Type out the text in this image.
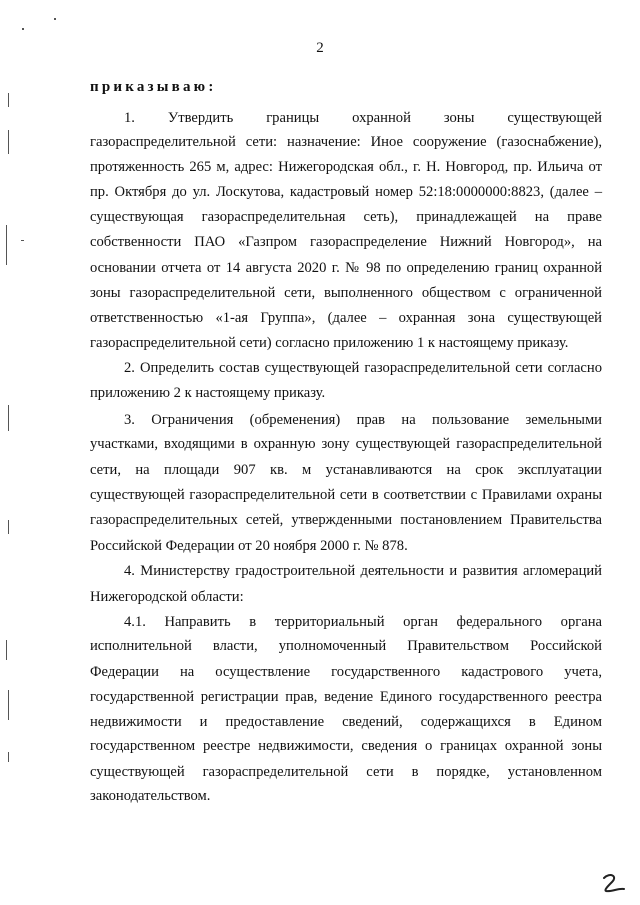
2
приказываю:
1. Утвердить границы охранной зоны существующей
газораспределительной сети: назначение: Иное сооружение (газоснабжение),
протяженность 265 м, адрес: Нижегородская обл., г. Н. Новгород, пр. Ильича от
пр. Октября до ул. Лоскутова, кадастровый номер 52:18:0000000:8823, (далее –
существующая газораспределительная сеть), принадлежащей на праве
собственности ПАО «Газпром газораспределение Нижний Новгород», на
основании отчета от 14 августа 2020 г. № 98 по определению границ охранной
зоны газораспределительной сети, выполненного обществом с ограниченной
ответственностью «1-ая Группа», (далее – охранная зона существующей
газораспределительной сети) согласно приложению 1 к настоящему приказу.
2. Определить состав существующей газораспределительной сети согласно
приложению 2 к настоящему приказу.
3. Ограничения (обременения) прав на пользование земельными
участками, входящими в охранную зону существующей газораспределительной
сети, на площади 907 кв. м устанавливаются на срок эксплуатации
существующей газораспределительной сети в соответствии с Правилами охраны
газораспределительных сетей, утвержденными постановлением Правительства
Российской Федерации от 20 ноября 2000 г. № 878.
4. Министерству градостроительной деятельности и развития агломераций
Нижегородской области:
4.1. Направить в территориальный орган федерального органа
исполнительной власти, уполномоченный Правительством Российской
Федерации на осуществление государственного кадастрового учета,
государственной регистрации прав, ведение Единого государственного реестра
недвижимости и предоставление сведений, содержащихся в Едином
государственном реестре недвижимости, сведения о границах охранной зоны
существующей газораспределительной сети в порядке, установленном
законодательством.
